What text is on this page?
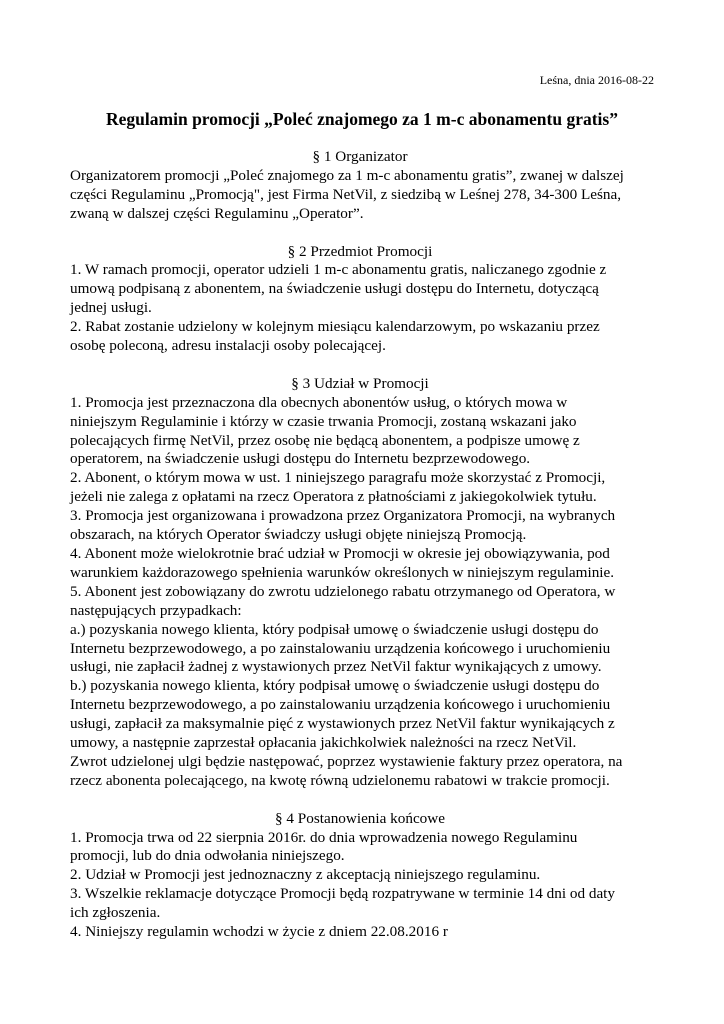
Leśna, dnia 2016-08-22
Regulamin promocji „Poleć znajomego za 1 m-c abonamentu gratis”
§ 1 Organizator
Organizatorem promocji „Poleć znajomego za 1 m-c abonamentu gratis”, zwanej w dalszej
części Regulaminu „Promocją", jest Firma NetVil, z siedzibą w Leśnej 278, 34-300 Leśna,
zwaną w dalszej części Regulaminu „Operator”.
§ 2 Przedmiot Promocji
1. W ramach promocji, operator udzieli 1 m-c abonamentu gratis, naliczanego zgodnie z
umową podpisaną z abonentem, na świadczenie usługi dostępu do Internetu, dotyczącą
jednej usługi.
2. Rabat zostanie udzielony w kolejnym miesiącu kalendarzowym, po wskazaniu przez
osobę poleconą, adresu instalacji osoby polecającej.
§ 3 Udział w Promocji
1. Promocja jest przeznaczona dla obecnych abonentów usług, o których mowa w
niniejszym Regulaminie i którzy w czasie trwania Promocji, zostaną wskazani jako
polecających firmę NetVil, przez osobę nie będącą abonentem, a podpisze umowę z
operatorem, na świadczenie usługi dostępu do Internetu bezprzewodowego.
2. Abonent, o którym mowa w ust. 1 niniejszego paragrafu może skorzystać z Promocji,
jeżeli nie zalega z opłatami na rzecz Operatora z płatnościami z jakiegokolwiek tytułu.
3. Promocja jest organizowana i prowadzona przez Organizatora Promocji, na wybranych
obszarach, na których Operator świadczy usługi objęte niniejszą Promocją.
4. Abonent może wielokrotnie brać udział w Promocji w okresie jej obowiązywania, pod
warunkiem każdorazowego spełnienia warunków określonych w niniejszym regulaminie.
5. Abonent jest zobowiązany do zwrotu udzielonego rabatu otrzymanego od Operatora, w
następujących przypadkach:
a.) pozyskania nowego klienta, który podpisał umowę o świadczenie usługi dostępu do
Internetu bezprzewodowego, a po zainstalowaniu urządzenia końcowego i uruchomieniu
usługi, nie zapłacił żadnej z wystawionych przez NetVil faktur wynikających z umowy.
b.) pozyskania nowego klienta, który podpisał umowę o świadczenie usługi dostępu do
Internetu bezprzewodowego, a po zainstalowaniu urządzenia końcowego i uruchomieniu
usługi, zapłacił za maksymalnie pięć z wystawionych przez NetVil faktur wynikających z
umowy, a następnie zaprzestał opłacania jakichkolwiek należności na rzecz NetVil.
Zwrot udzielonej ulgi będzie następować, poprzez wystawienie faktury przez operatora, na
rzecz abonenta polecającego, na kwotę równą udzielonemu rabatowi w trakcie promocji.
§ 4 Postanowienia końcowe
1. Promocja trwa od 22 sierpnia 2016r. do dnia wprowadzenia nowego Regulaminu
promocji, lub do dnia odwołania niniejszego.
2. Udział w Promocji jest jednoznaczny z akceptacją niniejszego regulaminu.
3. Wszelkie reklamacje dotyczące Promocji będą rozpatrywane w terminie 14 dni od daty
ich zgłoszenia.
4. Niniejszy regulamin wchodzi w życie z dniem 22.08.2016 r
